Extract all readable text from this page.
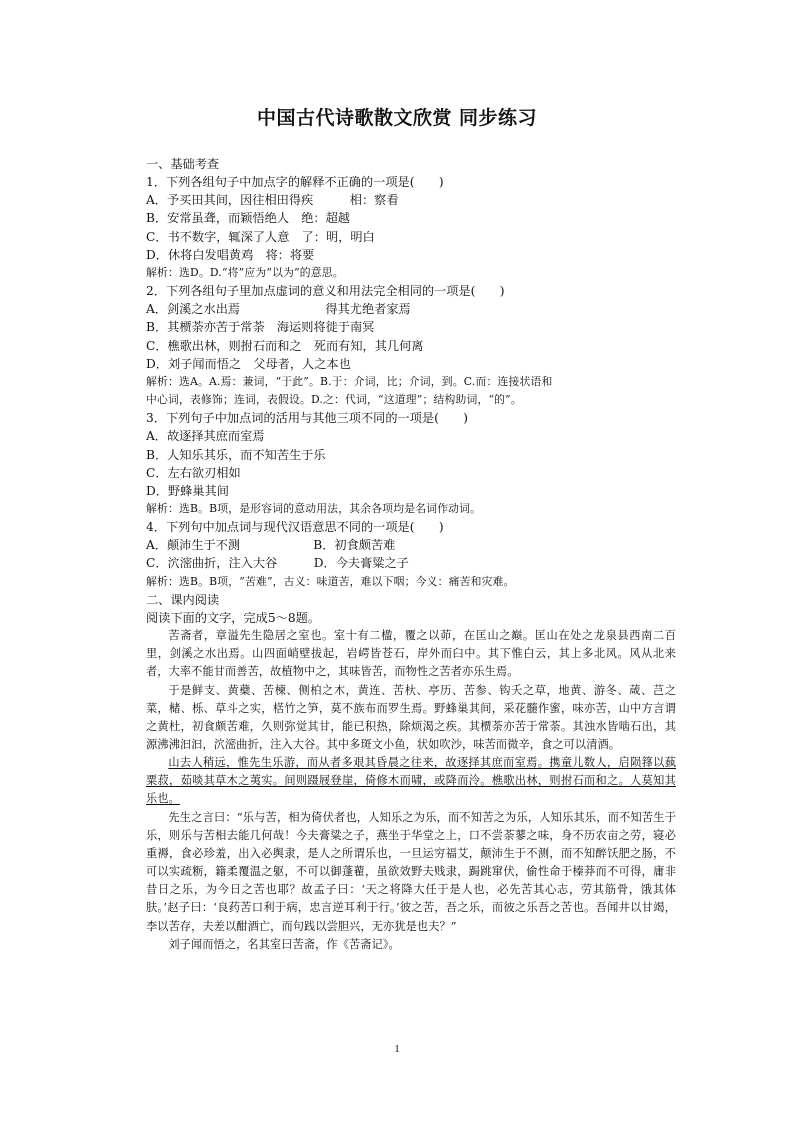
中国古代诗歌散文欣赏 同步练习
一、基础考查
1．下列各组句子中加点字的解释不正确的一项是(　　)
A．予买田其间，因往相田得疾　　　相：察看
B．安常虽聋，而颖悟绝人　绝：超越
C．书不数字，辄深了人意　了：明，明白
D．休将白发唱黄鸡　将：将要
解析：选D。D.“将”应为“以为”的意思。
2．下列各组句子里加点虚词的意义和用法完全相同的一项是(　　)
A．剑溪之水出焉　　　　　　　得其尤绝者家焉
B．其槚荼亦苦于常荼　海运则将徙于南冥
C．樵歌出林，则拊石而和之　死而有知，其几何离
D．刘子闻而悟之　父母者，人之本也
解析：选A。A.焉：兼词，“于此”。B.于：介词，比；介词，到。C.而：连接状语和
中心词，表修饰；连词，表假设。D.之：代词，“这道理”；结构助词，“的”。
3．下列句子中加点词的活用与其他三项不同的一项是(　　)
A．故逐择其庶而室焉
B．人知乐其乐，而不知苦生于乐
C．左右欲刃相如
D．野蜂巢其间
解析：选B。B项，是形容词的意动用法，其余各项均是名词作动词。
4．下列句中加点词与现代汉语意思不同的一项是(　　)
A．颠沛生于不测　　　　　　B．初食颇苦难
C．泬滵曲折，注入大谷　　　D．今夫膏粱之子
解析：选B。B项，“苦难”，古义：味道苦，难以下咽；今义：痛苦和灾难。
二、课内阅读
阅读下面的文字，完成5～8题。
苦斋者，章溢先生隐居之室也。室十有二楹，覆之以茆，在匡山之巅。匡山在处之龙泉县西南二百里，剑溪之水出焉。山四面峭壁拔起，岩崿皆苍石，岸外而臼中。其下惟白云，其上多北风。风从北来者，大率不能甘而善苦，故植物中之，其味皆苦，而物性之苦者亦乐生焉。
于是鲜支、黄蘗、苦楝、侧柏之木，黄连、苦杕、亭历、苦参、钩夭之草，地黄、游冬、葴、芑之菜，槠、栎、草斗之实，楛竹之笋，莫不族布而罗生焉。野蜂巢其间，采花髓作蜜，味亦苦，山中方言谓之黄杜，初食颇苦难，久则弥觉其甘，能已积热，除烦渴之疾。其槚荼亦苦于常荼。其浊水皆啮石出，其源沸沸汩汩，泬滵曲折，注入大谷。其中多斑文小鱼，状如吹沙，味苦而微辛，食之可以清酒。
山去人稍远，惟先生乐游，而从者多艰其昏晨之往来，故逐择其庶而室焉。携童儿数人，启陨箨以蓺粟菽，茹啖其草木之荑实。间则蹑屐登崖，倚修木而啸，或降而泠。樵歌出林，则拊石而和之。人莫知其乐也。
先生之言曰：“乐与苦，相为倚伏者也，人知乐之为乐，而不知苦之为乐，人知乐其乐，而不知苦生于乐，则乐与苦相去能几何哉！今夫膏粱之子，燕坐于华堂之上，口不尝荼蓼之味，身不历农亩之劳，寝必重褥，食必珍羞，出入必舆隶，是人之所谓乐也，一旦运穷福艾，颠沛生于不测，而不知醉饫肥之肠，不可以实疏粝，籍柔覆温之躯，不可以御蓬藋，虽欲效野夫贱隶，跼跳窜伏，偷性命于榛莽而不可得，庸非昔日之乐，为今日之苦也耶？故孟子曰：‘天之将降大任于是人也，必先苦其心志，劳其筋骨，饿其体肤。’赵子曰：‘良药苦口利于病，忠言逆耳利于行。’彼之苦，吾之乐，而彼之乐吾之苦也。吾闻井以甘竭，李以苦存，夫差以酣酒亡，而句践以尝胆兴，无亦犹是也夫？”
刘子闻而悟之，名其室曰苦斋，作《苦斋记》。
1
